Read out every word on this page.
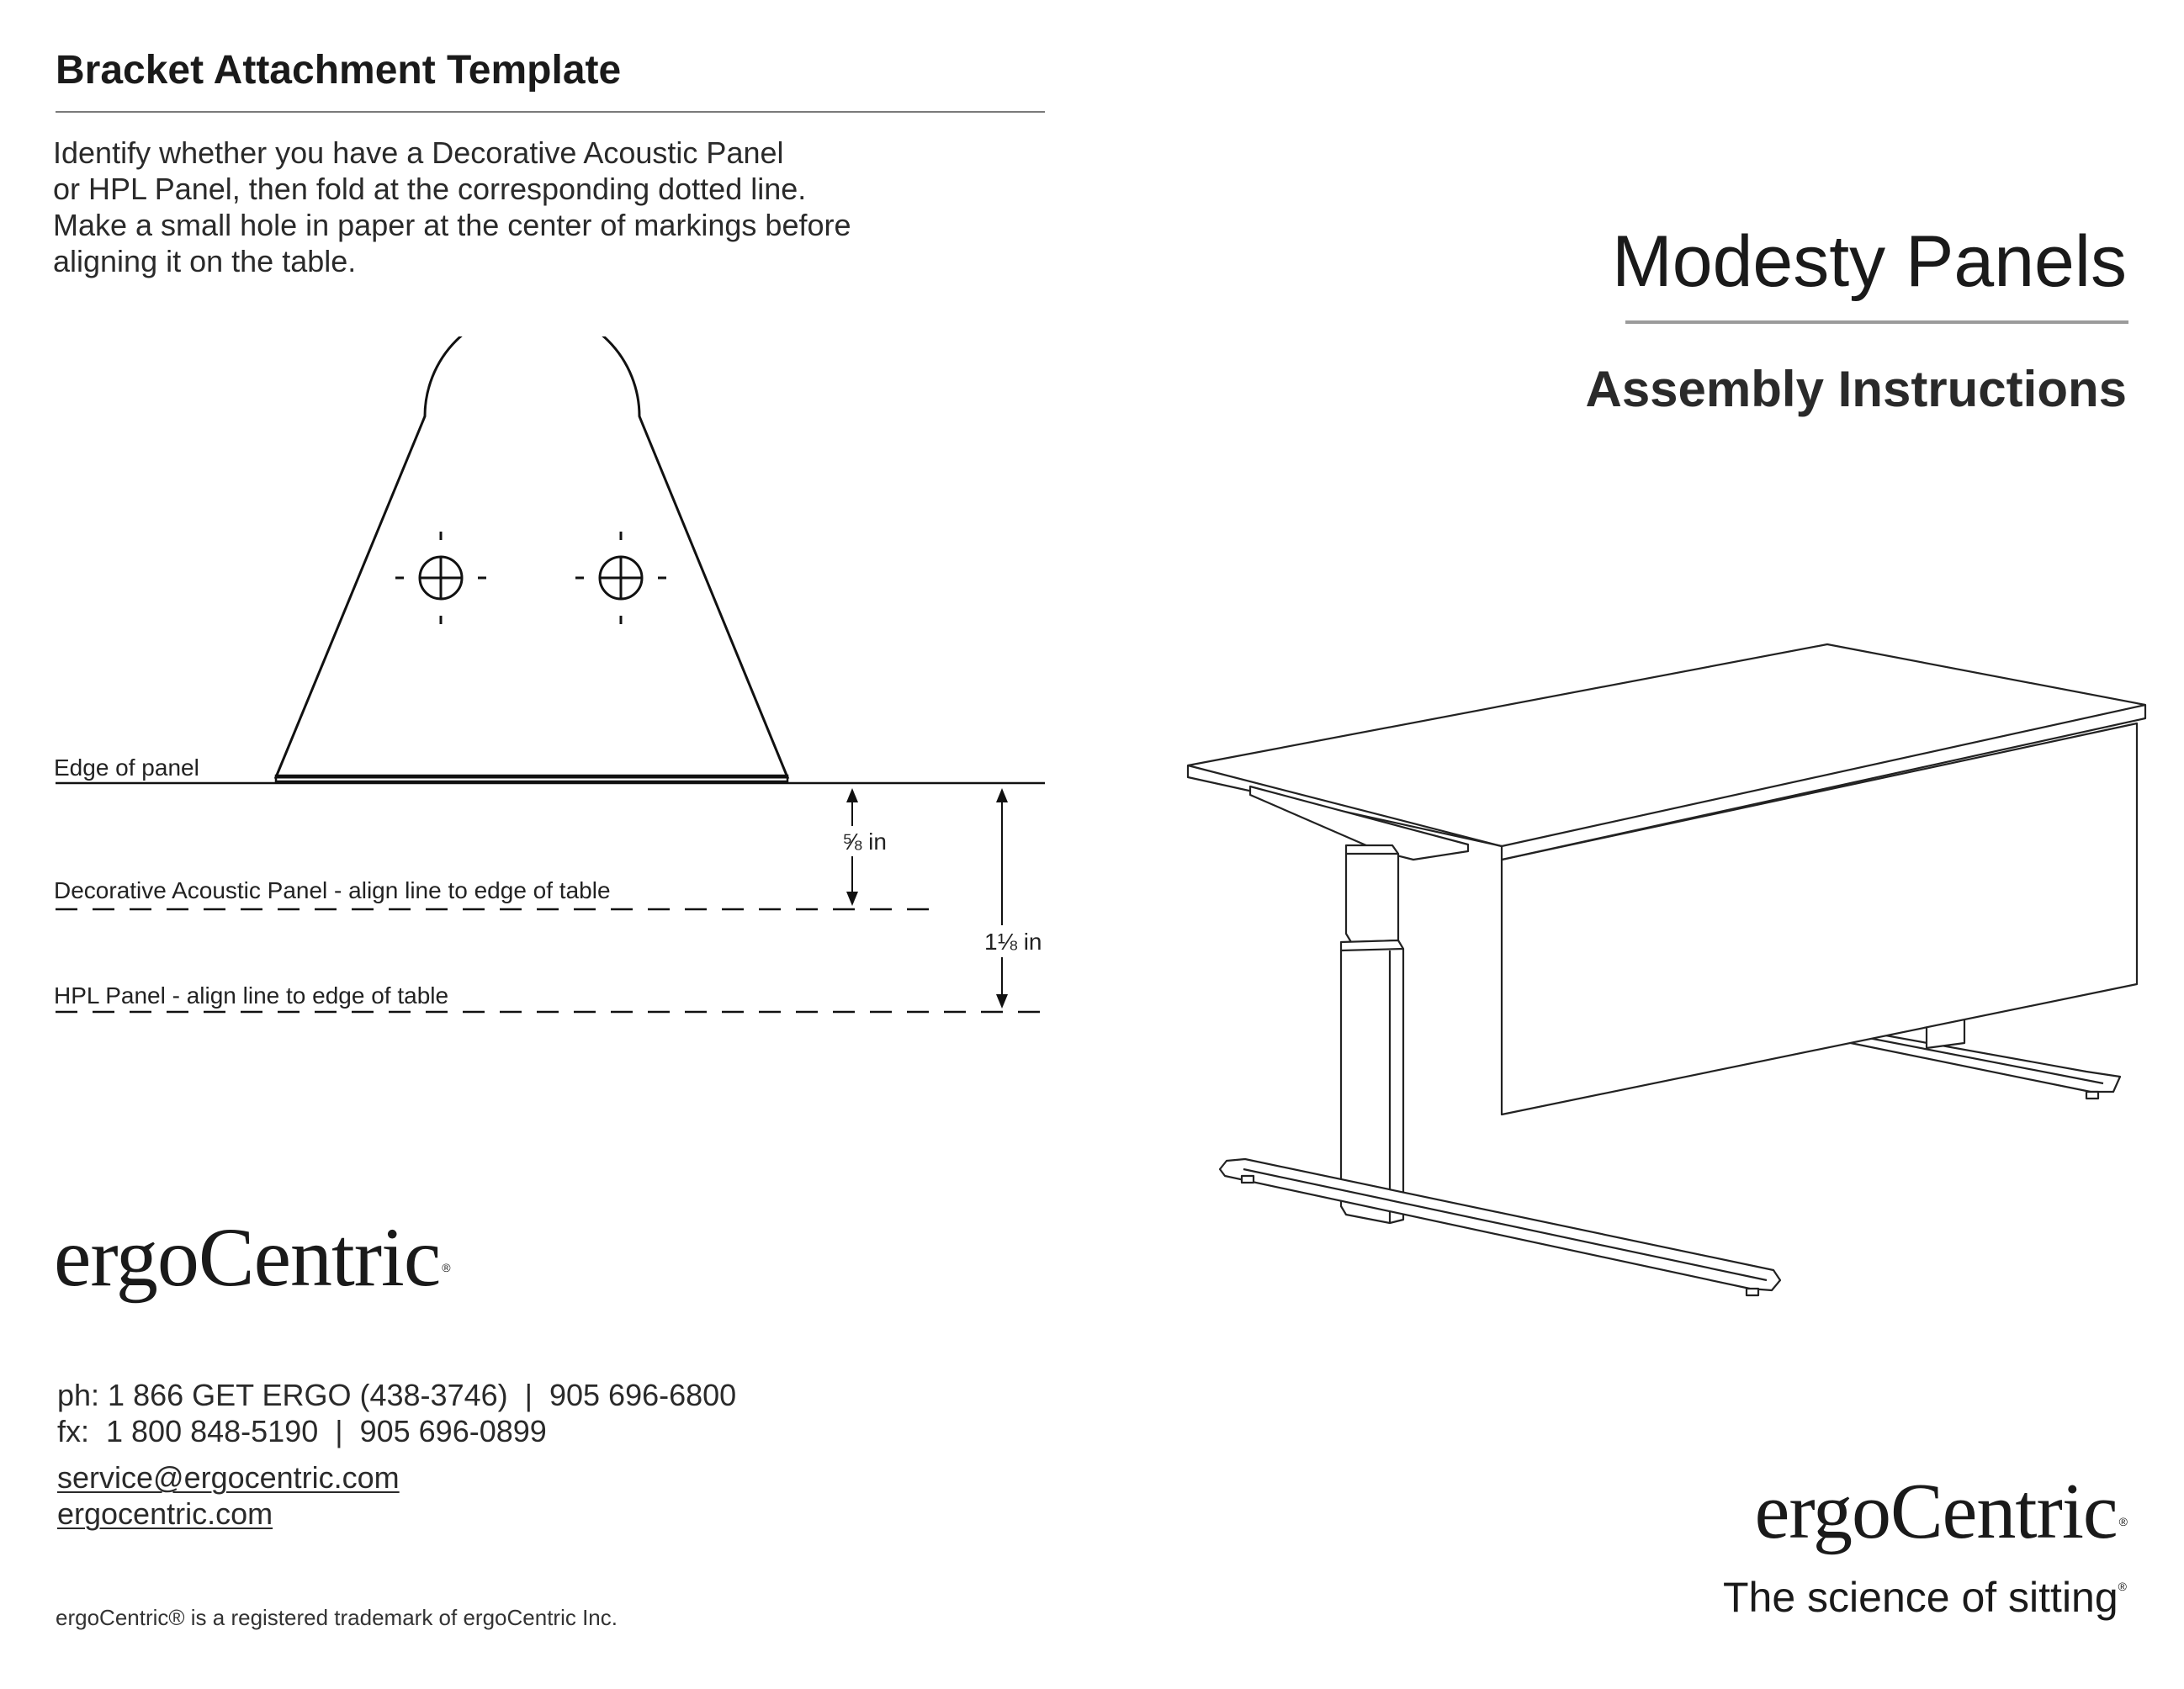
Bracket Attachment Template
Identify whether you have a Decorative Acoustic Panel
or HPL Panel, then fold at the corresponding dotted line.
Make a small hole in paper at the center of markings before
aligning it on the table.
Edge of panel
Decorative Acoustic Panel - align line to edge of table
HPL Panel - align line to edge of table
⅝ in
1⅛ in
ergoCentric ®
ph: 1 866 GET ERGO (438-3746)  |  905 696-6800
fx:  1 800 848-5190  |  905 696-0899
service@ergocentric.com
ergocentric.com
ergoCentric® is a registered trademark of ergoCentric Inc.
Modesty Panels
Assembly Instructions
ergoCentric ®
The science of sitting®
